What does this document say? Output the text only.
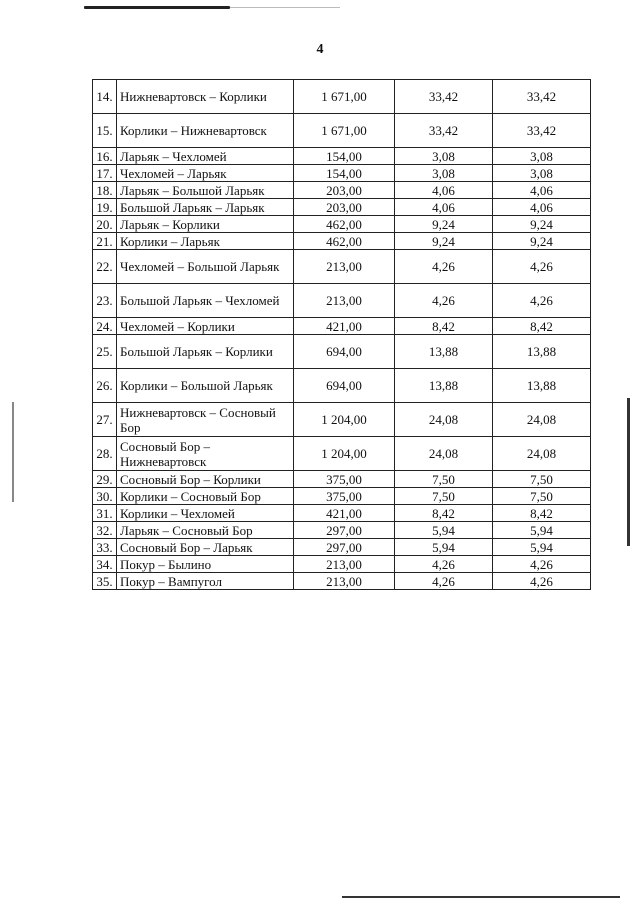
4
14.	Нижневартовск – Корлики	1 671,00	33,42	33,42
15.	Корлики – Нижневартовск	1 671,00	33,42	33,42
16.	Ларьяк – Чехломей	154,00	3,08	3,08
17.	Чехломей – Ларьяк	154,00	3,08	3,08
18.	Ларьяк – Большой Ларьяк	203,00	4,06	4,06
19.	Большой Ларьяк – Ларьяк	203,00	4,06	4,06
20.	Ларьяк – Корлики	462,00	9,24	9,24
21.	Корлики – Ларьяк	462,00	9,24	9,24
22.	Чехломей – Большой Ларьяк	213,00	4,26	4,26
23.	Большой Ларьяк – Чехломей	213,00	4,26	4,26
24.	Чехломей – Корлики	421,00	8,42	8,42
25.	Большой Ларьяк – Корлики	694,00	13,88	13,88
26.	Корлики – Большой Ларьяк	694,00	13,88	13,88
27.	Нижневартовск – Сосновый Бор	1 204,00	24,08	24,08
28.	Сосновый Бор – Нижневартовск	1 204,00	24,08	24,08
29.	Сосновый Бор – Корлики	375,00	7,50	7,50
30.	Корлики – Сосновый Бор	375,00	7,50	7,50
31.	Корлики – Чехломей	421,00	8,42	8,42
32.	Ларьяк – Сосновый Бор	297,00	5,94	5,94
33.	Сосновый Бор – Ларьяк	297,00	5,94	5,94
34.	Покур – Былино	213,00	4,26	4,26
35.	Покур – Вампугол	213,00	4,26	4,26
